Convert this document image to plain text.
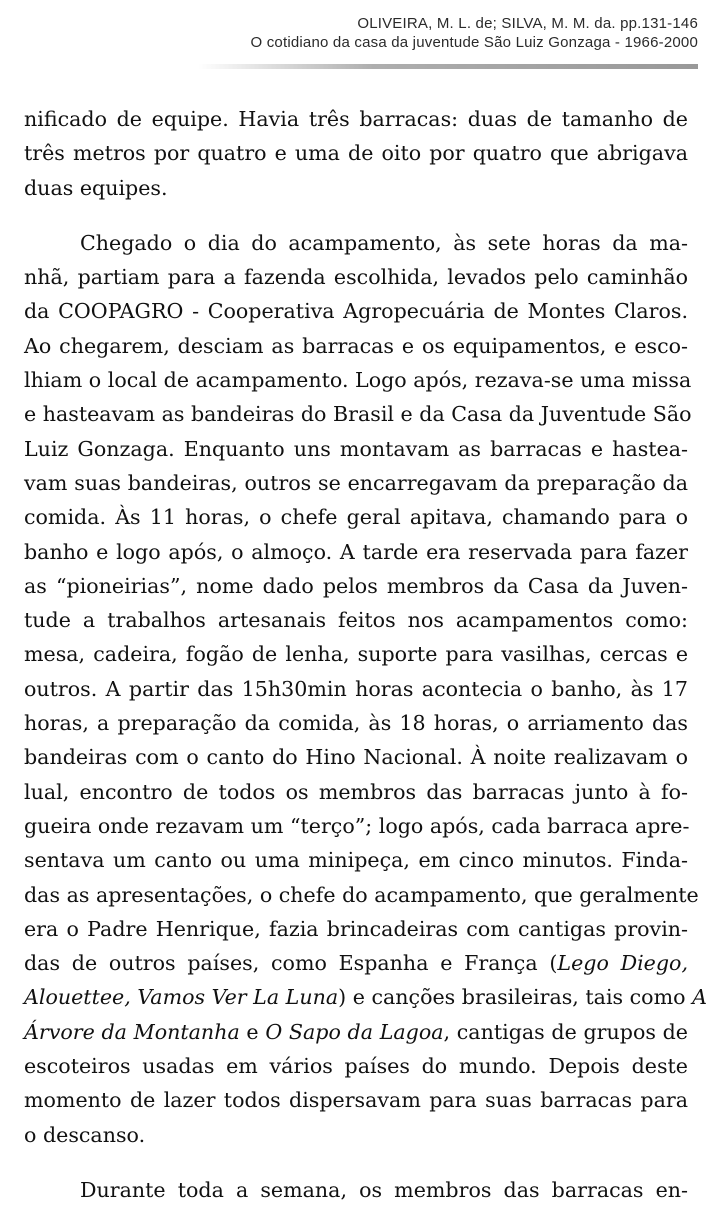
OLIVEIRA, M. L. de; SILVA, M. M. da. pp.131-146
O cotidiano da casa da juventude São Luiz Gonzaga - 1966-2000
nificado de equipe. Havia três barracas: duas de tamanho de
três metros por quatro e uma de oito por quatro que abrigava
duas equipes.
Chegado o dia do acampamento, às sete horas da ma-
nhã, partiam para a fazenda escolhida, levados pelo caminhão
da COOPAGRO - Cooperativa Agropecuária de Montes Claros.
Ao chegarem, desciam as barracas e os equipamentos, e esco-
lhiam o local de acampamento. Logo após, rezava-se uma missa
e hasteavam as bandeiras do Brasil e da Casa da Juventude São
Luiz Gonzaga. Enquanto uns montavam as barracas e hastea-
vam suas bandeiras, outros se encarregavam da preparação da
comida. Às 11 horas, o chefe geral apitava, chamando para o
banho e logo após, o almoço. A tarde era reservada para fazer
as “pioneirias”, nome dado pelos membros da Casa da Juven-
tude a trabalhos artesanais feitos nos acampamentos como:
mesa, cadeira, fogão de lenha, suporte para vasilhas, cercas e
outros. A partir das 15h30min horas acontecia o banho, às 17
horas, a preparação da comida, às 18 horas, o arriamento das
bandeiras com o canto do Hino Nacional. À noite realizavam o
lual, encontro de todos os membros das barracas junto à fo-
gueira onde rezavam um “terço”; logo após, cada barraca apre-
sentava um canto ou uma minipeça, em cinco minutos. Finda-
das as apresentações, o chefe do acampamento, que geralmente
era o Padre Henrique, fazia brincadeiras com cantigas provin-
das de outros países, como Espanha e França (Lego Diego,
Alouettee, Vamos Ver La Luna) e canções brasileiras, tais como A
Árvore da Montanha e O Sapo da Lagoa, cantigas de grupos de
escoteiros usadas em vários países do mundo. Depois deste
momento de lazer todos dispersavam para suas barracas para
o descanso.
Durante toda a semana, os membros das barracas en-
